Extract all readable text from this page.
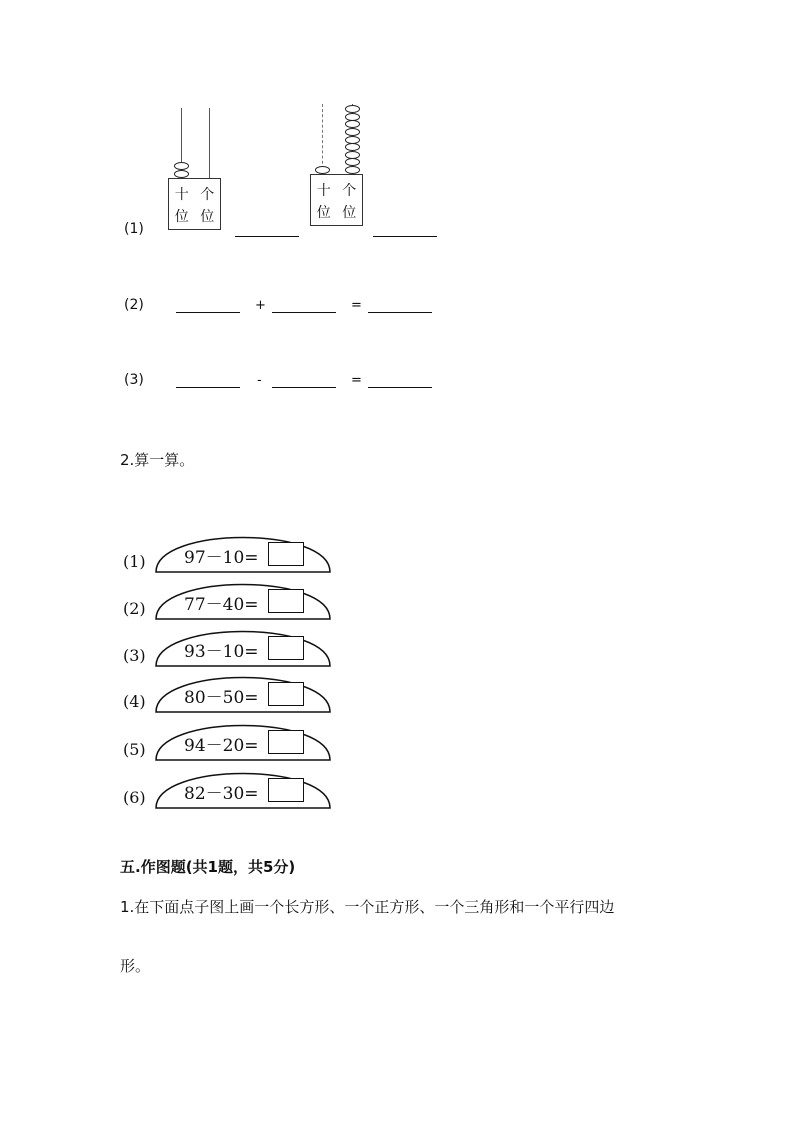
(1)
十 个
位 位
十 个
位 位
(2)	+	=
(3)	-	=
2.算一算。
(1) 97－10=
(2) 77－40=
(3) 93－10=
(4) 80－50=
(5) 94－20=
(6) 82－30=
五.作图题(共1题，共5分)
1.在下面点子图上画一个长方形、一个正方形、一个三角形和一个平行四边
形。
